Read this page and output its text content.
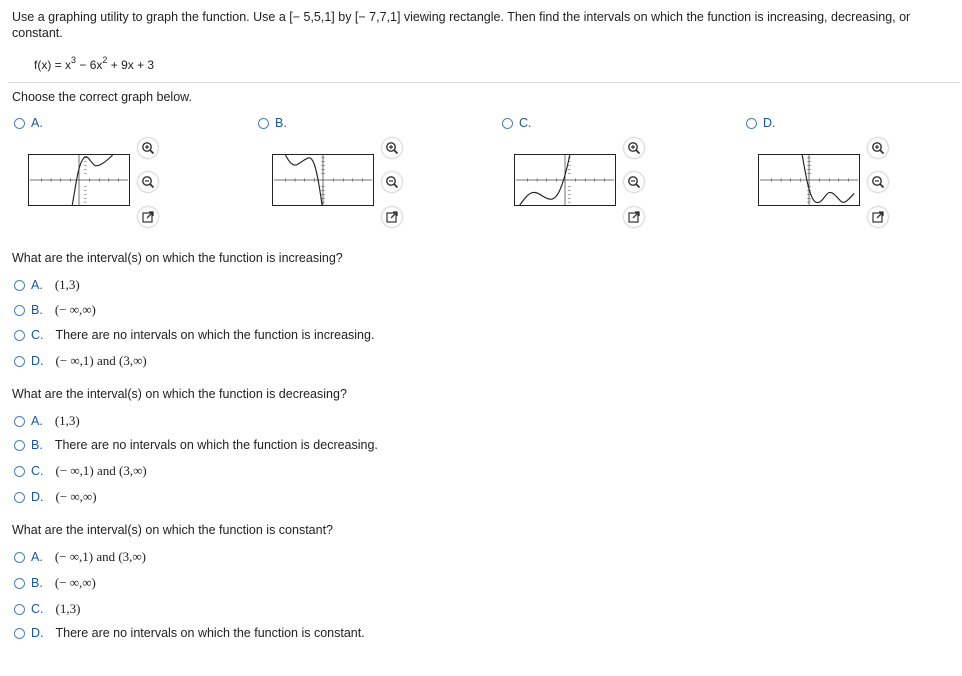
Use a graphing utility to graph the function. Use a [− 5,5,1] by [− 7,7,1] viewing rectangle. Then find the intervals on which the function is increasing, decreasing, or constant.
$f(x) = x^3 - 6x^2 + 9x + 3$
Choose the correct graph below.
A.	B.	C.	D.
What are the interval(s) on which the function is increasing?
A. (1,3)
B. (− ∞,∞)
C. There are no intervals on which the function is increasing.
D. (− ∞,1) and (3,∞)
What are the interval(s) on which the function is decreasing?
A. (1,3)
B. There are no intervals on which the function is decreasing.
C. (− ∞,1) and (3,∞)
D. (− ∞,∞)
What are the interval(s) on which the function is constant?
A. (− ∞,1) and (3,∞)
B. (− ∞,∞)
C. (1,3)
D. There are no intervals on which the function is constant.
